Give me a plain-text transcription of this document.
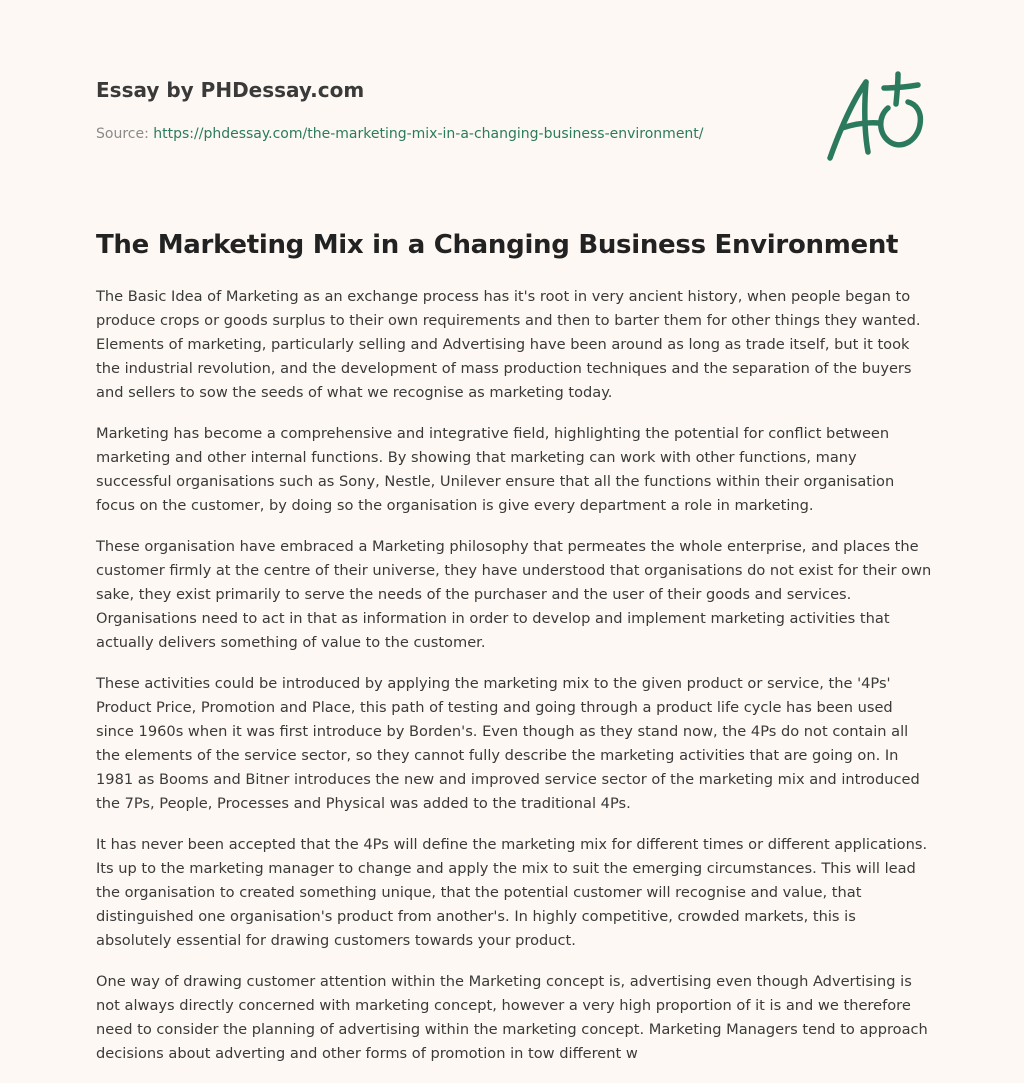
Essay by PHDessay.com
Source: https://phdessay.com/the-marketing-mix-in-a-changing-business-environment/
The Marketing Mix in a Changing Business Environment

The Basic Idea of Marketing as an exchange process has it's root in very ancient history, when people began to produce crops or goods surplus to their own requirements and then to barter them for other things they wanted. Elements of marketing, particularly selling and Advertising have been around as long as trade itself, but it took the industrial revolution, and the development of mass production techniques and the separation of the buyers and sellers to sow the seeds of what we recognise as marketing today.

Marketing has become a comprehensive and integrative field, highlighting the potential for conflict between marketing and other internal functions. By showing that marketing can work with other functions, many successful organisations such as Sony, Nestle, Unilever ensure that all the functions within their organisation focus on the customer, by doing so the organisation is give every department a role in marketing.

These organisation have embraced a Marketing philosophy that permeates the whole enterprise, and places the customer firmly at the centre of their universe, they have understood that organisations do not exist for their own sake, they exist primarily to serve the needs of the purchaser and the user of their goods and services. Organisations need to act in that as information in order to develop and implement marketing activities that actually delivers something of value to the customer.

These activities could be introduced by applying the marketing mix to the given product or service, the '4Ps' Product Price, Promotion and Place, this path of testing and going through a product life cycle has been used since 1960s when it was first introduce by Borden's. Even though as they stand now, the 4Ps do not contain all the elements of the service sector, so they cannot fully describe the marketing activities that are going on. In 1981 as Booms and Bitner introduces the new and improved service sector of the marketing mix and introduced the 7Ps, People, Processes and Physical was added to the traditional 4Ps.

It has never been accepted that the 4Ps will define the marketing mix for different times or different applications. Its up to the marketing manager to change and apply the mix to suit the emerging circumstances. This will lead the organisation to created something unique, that the potential customer will recognise and value, that distinguished one organisation's product from another's. In highly competitive, crowded markets, this is absolutely essential for drawing customers towards your product.

One way of drawing customer attention within the Marketing concept is, advertising even though Advertising is not always directly concerned with marketing concept, however a very high proportion of it is and we therefore need to consider the planning of advertising within the marketing concept. Marketing Managers tend to approach decisions about adverting and other forms of promotion in tow different w
